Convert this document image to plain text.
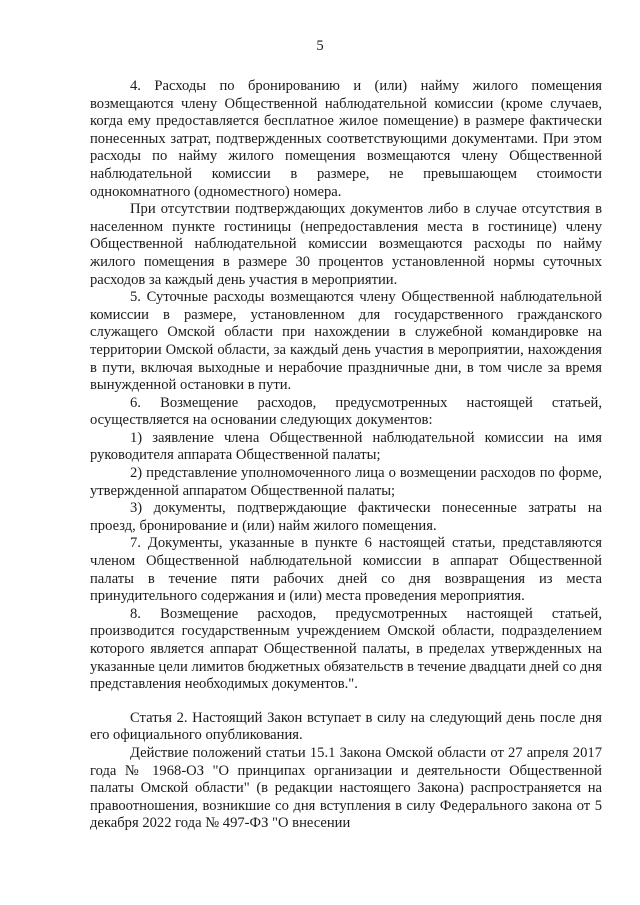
5

4. Расходы по бронированию и (или) найму жилого помещения возмещаются члену Общественной наблюдательной комиссии (кроме случаев, когда ему предоставляется бесплатное жилое помещение) в размере фактически понесенных затрат, подтвержденных соответствующими документами. При этом расходы по найму жилого помещения возмещаются члену Общественной наблюдательной комиссии в размере, не превышающем стоимости однокомнатного (одноместного) номера.

При отсутствии подтверждающих документов либо в случае отсутствия в населенном пункте гостиницы (непредоставления места в гостинице) члену Общественной наблюдательной комиссии возмещаются расходы по найму жилого помещения в размере 30 процентов установленной нормы суточных расходов за каждый день участия в мероприятии.

5. Суточные расходы возмещаются члену Общественной наблюдательной комиссии в размере, установленном для государственного гражданского служащего Омской области при нахождении в служебной командировке на территории Омской области, за каждый день участия в мероприятии, нахождения в пути, включая выходные и нерабочие праздничные дни, в том числе за время вынужденной остановки в пути.

6. Возмещение расходов, предусмотренных настоящей статьей, осуществляется на основании следующих документов:

1) заявление члена Общественной наблюдательной комиссии на имя руководителя аппарата Общественной палаты;

2) представление уполномоченного лица о возмещении расходов по форме, утвержденной аппаратом Общественной палаты;

3) документы, подтверждающие фактически понесенные затраты на проезд, бронирование и (или) найм жилого помещения.

7. Документы, указанные в пункте 6 настоящей статьи, представляются членом Общественной наблюдательной комиссии в аппарат Общественной палаты в течение пяти рабочих дней со дня возвращения из места принудительного содержания и (или) места проведения мероприятия.

8. Возмещение расходов, предусмотренных настоящей статьей, производится государственным учреждением Омской области, подразделением которого является аппарат Общественной палаты, в пределах утвержденных на указанные цели лимитов бюджетных обязательств в течение двадцати дней со дня представления необходимых документов.".

Статья 2. Настоящий Закон вступает в силу на следующий день после дня его официального опубликования.

Действие положений статьи 15.1 Закона Омской области от 27 апреля 2017 года № 1968-ОЗ "О принципах организации и деятельности Общественной палаты Омской области" (в редакции настоящего Закона) распространяется на правоотношения, возникшие со дня вступления в силу Федерального закона от 5 декабря 2022 года № 497-ФЗ "О внесении
